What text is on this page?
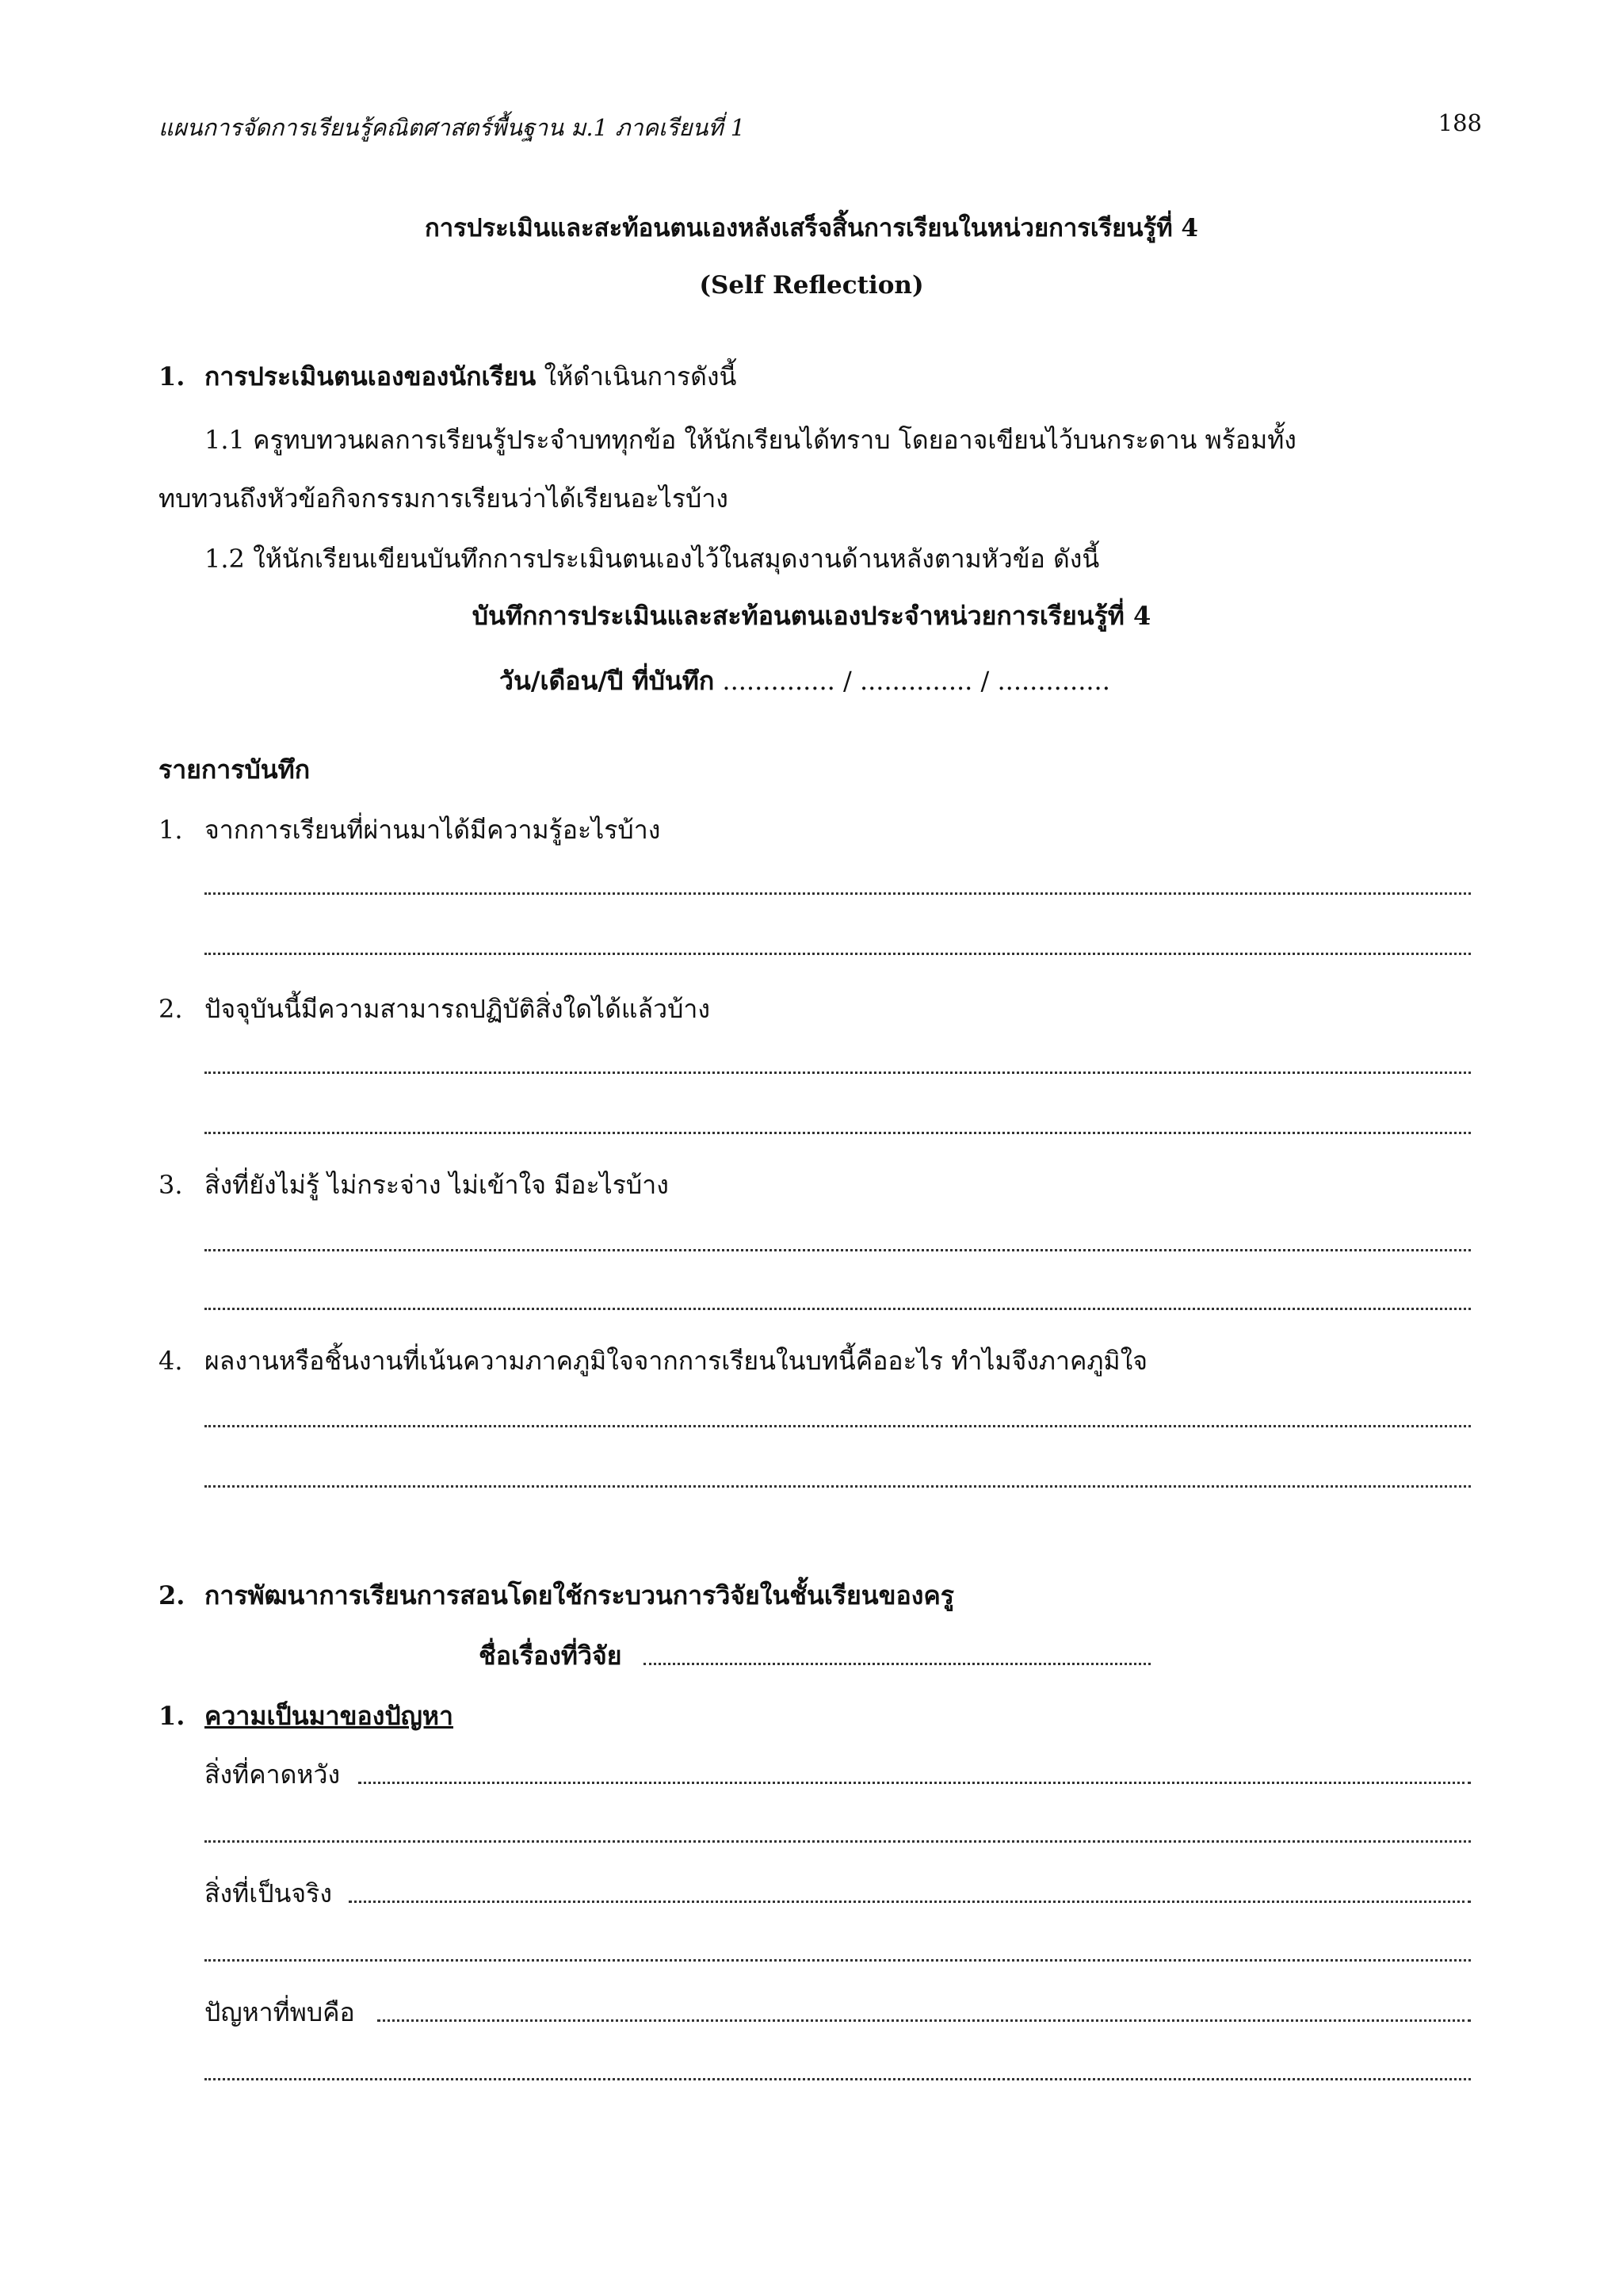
แผนการจัดการเรียนรู้คณิตศาสตร์พื้นฐาน ม.1 ภาคเรียนที่ 1	188
การประเมินและสะท้อนตนเองหลังเสร็จสิ้นการเรียนในหน่วยการเรียนรู้ที่ 4
(Self Reflection)
1. การประเมินตนเองของนักเรียน ให้ดำเนินการดังนี้
1.1 ครูทบทวนผลการเรียนรู้ประจำบททุกข้อ ให้นักเรียนได้ทราบ โดยอาจเขียนไว้บนกระดาน พร้อมทั้ง
ทบทวนถึงหัวข้อกิจกรรมการเรียนว่าได้เรียนอะไรบ้าง
1.2 ให้นักเรียนเขียนบันทึกการประเมินตนเองไว้ในสมุดงานด้านหลังตามหัวข้อ ดังนี้
บันทึกการประเมินและสะท้อนตนเองประจำหน่วยการเรียนรู้ที่ 4
วัน/เดือน/ปี ที่บันทึก .............. / .............. / ..............
รายการบันทึก
1. จากการเรียนที่ผ่านมาได้มีความรู้อะไรบ้าง
2. ปัจจุบันนี้มีความสามารถปฏิบัติสิ่งใดได้แล้วบ้าง
3. สิ่งที่ยังไม่รู้ ไม่กระจ่าง ไม่เข้าใจ มีอะไรบ้าง
4. ผลงานหรือชิ้นงานที่เน้นความภาคภูมิใจจากการเรียนในบทนี้คืออะไร ทำไมจึงภาคภูมิใจ
2. การพัฒนาการเรียนการสอนโดยใช้กระบวนการวิจัยในชั้นเรียนของครู
ชื่อเรื่องที่วิจัย
1. ความเป็นมาของปัญหา
สิ่งที่คาดหวัง
สิ่งที่เป็นจริง
ปัญหาที่พบคือ
